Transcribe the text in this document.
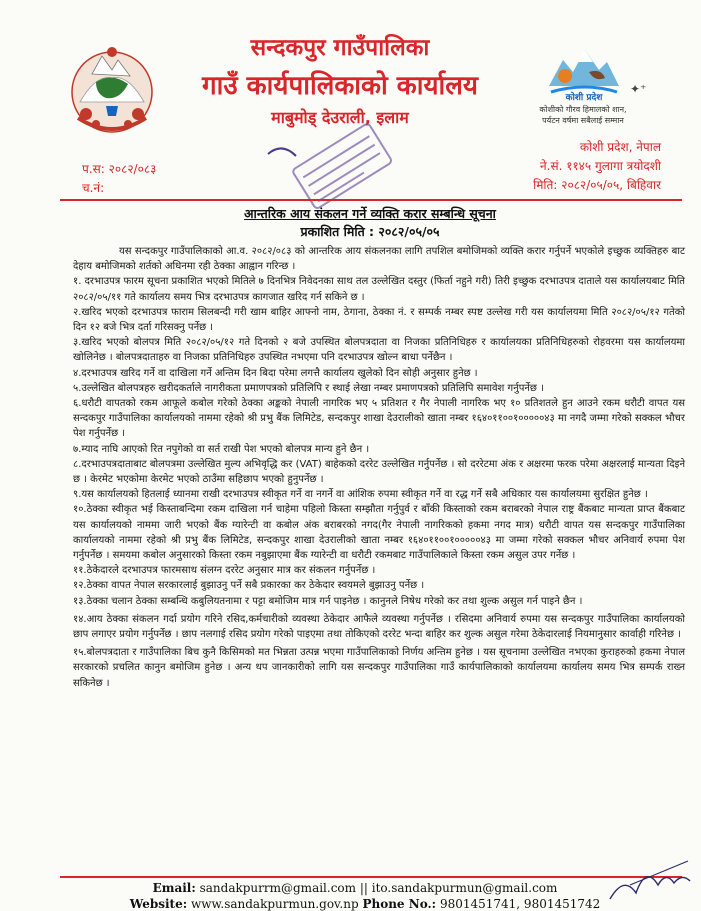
सन्दकपुर गाउँपालिका
गाउँ कार्यपालिकाको कार्यालय
माबुमोड् देउराली, इलाम
कोशी प्रदेश
✦⁺
कोशीको गौरव हिमालको शान,
पर्यटन वर्षमा सबैलाई सम्मान
प.स: २०८२/०८३
च.नं:
कोशी प्रदेश, नेपाल
ने.सं. ११४५ गुलागा त्रयोदशी
मिति: २०८२/०५/०५, बिहिवार
आन्तरिक आय संकलन गर्ने व्यक्ति करार सम्बन्धि सूचना
प्रकाशित मिति : २०८२/०५/०५

यस सन्दकपुर गाउँपालिकाको आ.व. २०८२/०८३ को आन्तरिक आय संकलनका लागि तपशिल बमोजिमको व्यक्ति करार गर्नुपर्ने भएकोले इच्छुक व्यक्तिहरु बाट देहाय बमोजिमको शर्तको अधिनमा रही ठेक्का आह्वान गरिन्छ ।

१. दरभाउपत्र फारम सूचना प्रकाशित भएको मितिले ७ दिनभित्र निवेदनका साथ तल उल्लेखित दस्तुर (फिर्ता नहुने गरी) तिरी इच्छुक दरभाउपत्र दाताले यस कार्यालयबाट मिति २०८२/०५/११ गते कार्यालय समय भित्र दरभाउपत्र कागजात खरिद गर्न सकिने छ ।

२.खरिद भएको दरभाउपत्र फाराम सिलबन्दी गरी खाम बाहिर आफ्नो नाम, ठेगाना, ठेक्का नं. र सम्पर्क नम्बर स्पष्ट उल्लेख गरी यस कार्यालयमा मिति २०८२/०५/१२ गतेको दिन १२ बजे भित्र दर्ता गरिसक्नु पर्नेछ ।

३.खरिद भएको बोलपत्र मिति २०८२/०५/१२ गते दिनको २ बजे उपस्थित बोलपत्रदाता वा निजका प्रतिनिधिहरु र कार्यालयका प्रतिनिधिहरुको रोहवरमा यस कार्यालयमा खोलिनेछ । बोलपत्रदाताहरु वा निजका प्रतिनिधिहरु उपस्थित नभएमा पनि दरभाउपत्र खोल्न बाधा पर्नेछैन ।

४.दरभाउपत्र खरिद गर्ने वा दाखिला गर्ने अन्तिम दिन बिदा परेमा लगत्तै कार्यालय खुलेको दिन सोही अनुसार हुनेछ ।

५.उल्लेखित बोलपत्रहरु खरीदकर्ताले नागरीकता प्रमाणपत्रको प्रतिलिपि र स्थाई लेखा नम्बर प्रमाणपत्रको प्रतिलिपि समावेश गर्नुपर्नेछ ।

६.धरौटी वापतको रकम आफूले कबोल गरेको ठेक्का अङ्कको नेपाली नागरिक भए ५ प्रतिशत र गैर नेपाली नागरिक भए १० प्रतिशतले हुन आउने रकम धरौटी वापत यस सन्दकपुर गाउँपालिका कार्यालयको नाममा रहेको श्री प्रभु बैंक लिमिटेड, सन्दकपुर शाखा देउरालीको खाता नम्बर १६४०११००१०००००४३ मा नगदै जम्मा गरेको सक्कल भौचर पेश गर्नुपर्नेछ ।

७.म्याद नाघि आएको रित नपुगेको वा सर्त राखी पेश भएको बोलपत्र मान्य हुने छैन ।

८.दरभाउपत्रदाताबाट बोलपत्रमा उल्लेखित मुल्य अभिवृद्धि कर (VAT) बाहेकको दररेट उल्लेखित गर्नुपर्नेछ । सो दररेटमा अंक र अक्षरमा फरक परेमा अक्षरलाई मान्यता दिइने छ । केरमेट भएकोमा केरमेट भएको ठाउँमा सहिछाप भएको हुनुपर्नेछ ।

९.यस कार्यालयको हितलाई ध्यानमा राखी दरभाउपत्र स्वीकृत गर्ने वा नगर्ने वा आंशिक रुपमा स्वीकृत गर्ने वा रद्ध गर्ने सबै अधिकार यस कार्यालयमा सुरक्षित हुनेछ ।

१०.ठेक्का स्वीकृत भई किस्ताबन्दिमा रकम दाखिला गर्न चाहेमा पहिलो किस्ता सम्झौता गर्नुपुर्व र बाँकी किस्ताको रकम बराबरको नेपाल राष्ट्र बैंकबाट मान्यता प्राप्त बैंकबाट यस कार्यालयको नाममा जारी भएको बैंक ग्यारेन्टी वा कबोल अंक बराबरको नगद(गैर नेपाली नागरिकको हकमा नगद मात्र) धरौटी वापत यस सन्दकपुर गाउँपालिका कार्यालयको नाममा रहेको श्री प्रभु बैंक लिमिटेड, सन्दकपुर शाखा देउरालीको खाता नम्बर १६४०११००१०००००४३ मा जम्मा गरेको सक्कल भौचर अनिवार्य रुपमा पेश गर्नुपर्नेछ । समयमा कबोल अनुसारको किस्ता रकम नबुझाएमा बैंक ग्यारेन्टी वा धरौटी रकमबाट गाउँपालिकाले किस्ता रकम असुल उपर गर्नेछ ।

११.ठेकेदारले दरभाउपत्र फारमसाथ संलग्न दररेट अनुसार मात्र कर संकलन गर्नुपर्नेछ ।

१२.ठेक्का वापत नेपाल सरकारलाई बुझाउनु पर्ने सबै प्रकारका कर ठेकेदार स्वयमले बुझाउनु पर्नेछ ।

१३.ठेक्का चलान ठेक्का सम्बन्धि कबुलियतनामा र पट्टा बमोजिम मात्र गर्न पाइनेछ । कानुनले निषेध गरेको कर तथा शुल्क असुल गर्न पाइने छैन ।

१४.आय ठेक्का संकलन गर्दा प्रयोग गरिने रसिद,कर्मचारीको व्यवस्था ठेकेदार आफैले व्यवस्था गर्नुपर्नेछ । रसिदमा अनिवार्य रुपमा यस सन्दकपुर गाउँपालिका कार्यालयको छाप लगाएर प्रयोग गर्नुपर्नेछ । छाप नलगाई रसिद प्रयोग गरेको पाइएमा तथा तोकिएको दररेट भन्दा बाहिर कर शुल्क असुल गरेमा ठेकेदारलाई नियमानुसार कार्वाही गरिनेछ ।

१५.बोलपत्रदाता र गाउँपालिका बिच कुनै किसिमको मत भिन्नता उत्पन्न भएमा गाउँपालिकाको निर्णय अन्तिम हुनेछ । यस सूचनामा उल्लेखित नभएका कुराहरुको हकमा नेपाल सरकारको प्रचलित कानुन बमोजिम हुनेछ । अन्य थप जानकारीको लागि यस सन्दकपुर गाउँपालिका गाउँ कार्यपालिकाको कार्यालयमा कार्यालय समय भित्र सम्पर्क राख्न सकिनेछ ।

Email: sandakpurrm@gmail.com || ito.sandakpurmun@gmail.com
Website: www.sandakpurmun.gov.np Phone No.: 9801451741, 9801451742
